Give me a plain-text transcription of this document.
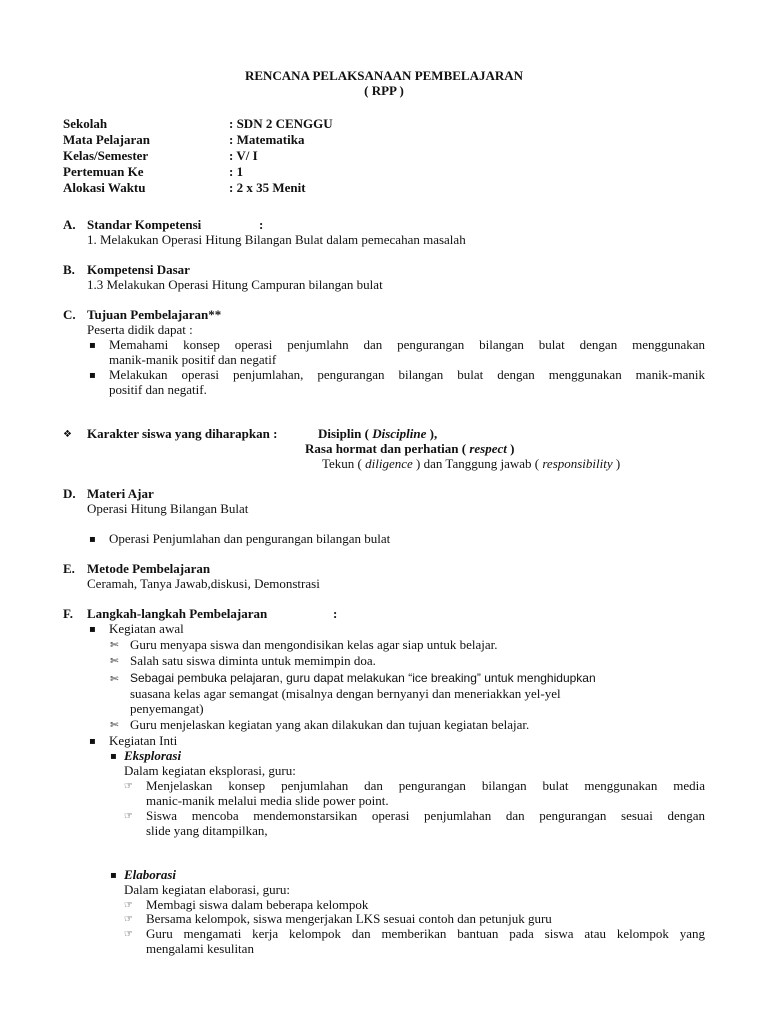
RENCANA PELAKSANAAN PEMBELAJARAN
( RPP )
Sekolah	: SDN 2 CENGGU
Mata Pelajaran	: Matematika
Kelas/Semester	: V/ I
Pertemuan Ke	: 1
Alokasi Waktu	: 2 x 35 Menit
A. Standar Kompetensi	:
1. Melakukan Operasi Hitung Bilangan Bulat dalam pemecahan masalah
B. Kompetensi Dasar
1.3 Melakukan Operasi Hitung Campuran bilangan bulat
C. Tujuan Pembelajaran**
Peserta didik dapat :
▪ Memahami konsep operasi penjumlahn dan pengurangan bilangan bulat dengan menggunakan
manik-manik positif dan negatif
▪ Melakukan operasi penjumlahan, pengurangan bilangan bulat dengan menggunakan manik-manik
positif dan negatif.
❖ Karakter siswa yang diharapkan :	Disiplin ( Discipline ),
Rasa hormat dan perhatian ( respect )
Tekun ( diligence ) dan Tanggung jawab ( responsibility )
D. Materi Ajar
Operasi Hitung Bilangan Bulat
▪ Operasi Penjumlahan dan pengurangan bilangan bulat
E. Metode Pembelajaran
Ceramah, Tanya Jawab,diskusi, Demonstrasi
F. Langkah-langkah Pembelajaran	:
▪ Kegiatan awal
✄ Guru menyapa siswa dan mengondisikan kelas agar siap untuk belajar.
✄ Salah satu siswa diminta untuk memimpin doa.
✄ Sebagai pembuka pelajaran, guru dapat melakukan “ice breaking” untuk menghidupkan
suasana kelas agar semangat (misalnya dengan bernyanyi dan meneriakkan yel-yel
penyemangat)
✄ Guru menjelaskan kegiatan yang akan dilakukan dan tujuan kegiatan belajar.
▪ Kegiatan Inti
▪ Eksplorasi
Dalam kegiatan eksplorasi, guru:
☞ Menjelaskan konsep penjumlahan dan pengurangan bilangan bulat menggunakan media
manic-manik melalui media slide power point.
☞ Siswa mencoba mendemonstarsikan operasi penjumlahan dan pengurangan sesuai dengan
slide yang ditampilkan,
▪ Elaborasi
Dalam kegiatan elaborasi, guru:
☞ Membagi siswa dalam beberapa kelompok
☞ Bersama kelompok, siswa mengerjakan LKS sesuai contoh dan petunjuk guru
☞ Guru mengamati kerja kelompok dan memberikan bantuan pada siswa atau kelompok yang
mengalami kesulitan
